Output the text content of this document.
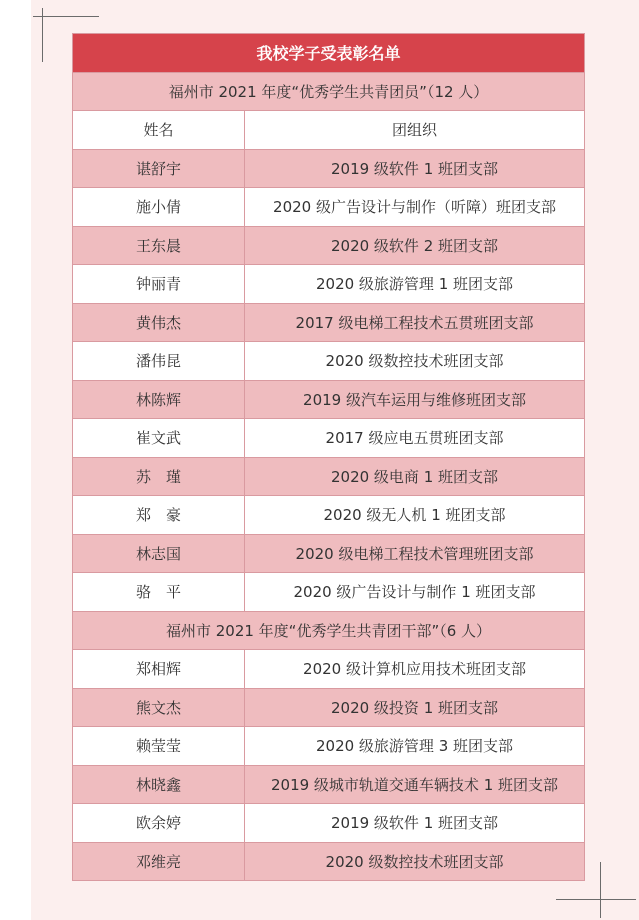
我校学子受表彰名单	
福州市 2021 年度“优秀学生共青团员”（12 人）	
姓名	团组织
谌舒宇	2019 级软件 1 班团支部
施小倩	2020 级广告设计与制作（听障）班团支部
王东晨	2020 级软件 2 班团支部
钟丽青	2020 级旅游管理 1 班团支部
黄伟杰	2017 级电梯工程技术五贯班团支部
潘伟昆	2020 级数控技术班团支部
林陈辉	2019 级汽车运用与维修班团支部
崔文武	2017 级应电五贯班团支部
苏　瑾	2020 级电商 1 班团支部
郑　豪	2020 级无人机 1 班团支部
林志国	2020 级电梯工程技术管理班团支部
骆　平	2020 级广告设计与制作 1 班团支部
福州市 2021 年度“优秀学生共青团干部”（6 人）	
郑相辉	2020 级计算机应用技术班团支部
熊文杰	2020 级投资 1 班团支部
赖莹莹	2020 级旅游管理 3 班团支部
林晓鑫	2019 级城市轨道交通车辆技术 1 班团支部
欧余婷	2019 级软件 1 班团支部
邓维亮	2020 级数控技术班团支部
